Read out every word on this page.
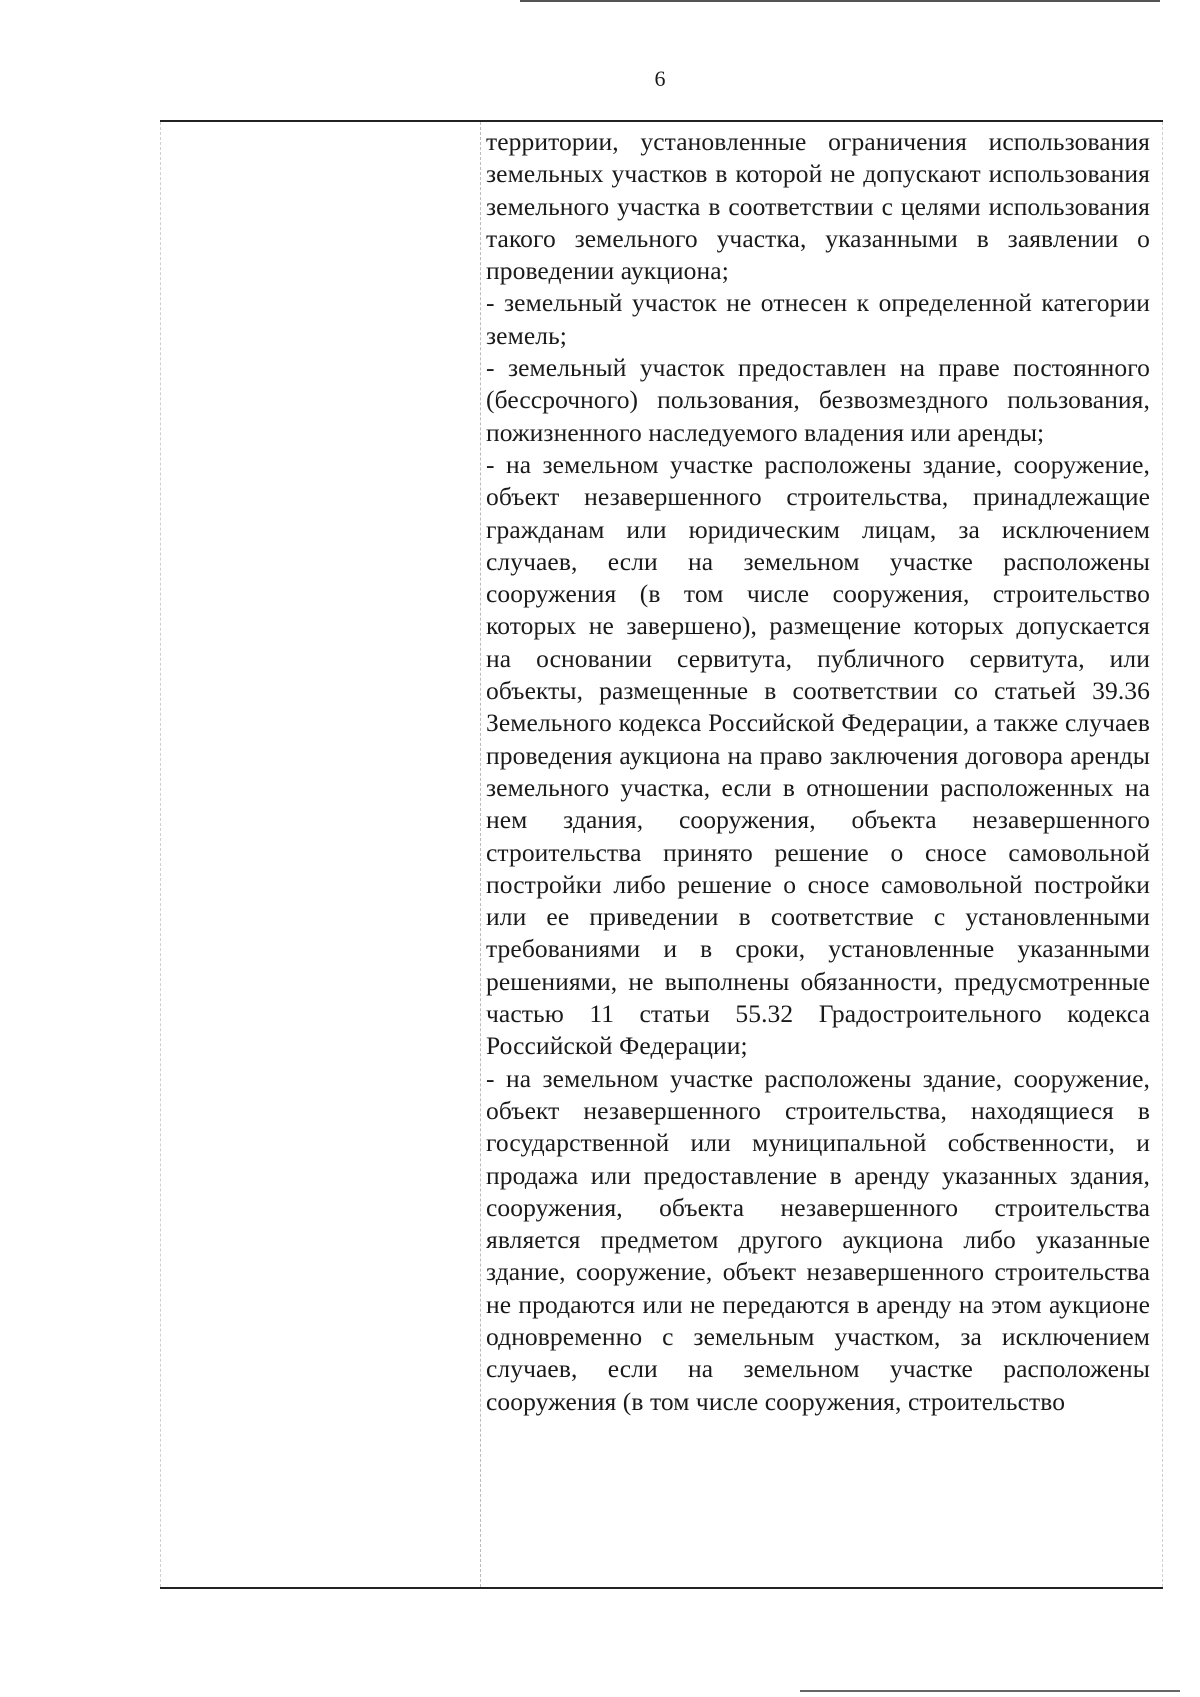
6

территории, установленные ограничения использования земельных участков в которой не допускают использования земельного участка в соответствии с целями использования такого земельного участка, указанными в заявлении о проведении аукциона;

- земельный участок не отнесен к определенной категории земель;

- земельный участок предоставлен на праве постоянного (бессрочного) пользования, безвозмездного пользования, пожизненного наследуемого владения или аренды;

- на земельном участке расположены здание, сооружение, объект незавершенного строительства, принадлежащие гражданам или юридическим лицам, за исключением случаев, если на земельном участке расположены сооружения (в том числе сооружения, строительство которых не завершено), размещение которых допускается на основании сервитута, публичного сервитута, или объекты, размещенные в соответствии со статьей 39.36 Земельного кодекса Российской Федерации, а также случаев проведения аукциона на право заключения договора аренды земельного участка, если в отношении расположенных на нем здания, сооружения, объекта незавершенного строительства принято решение о сносе самовольной постройки либо решение о сносе самовольной постройки или ее приведении в соответствие с установленными требованиями и в сроки, установленные указанными решениями, не выполнены обязанности, предусмотренные частью 11 статьи 55.32 Градостроительного кодекса Российской Федерации;

- на земельном участке расположены здание, сооружение, объект незавершенного строительства, находящиеся в государственной или муниципальной собственности, и продажа или предоставление в аренду указанных здания, сооружения, объекта незавершенного строительства является предметом другого аукциона либо указанные здание, сооружение, объект незавершенного строительства не продаются или не передаются в аренду на этом аукционе одновременно с земельным участком, за исключением случаев, если на земельном участке расположены сооружения (в том числе сооружения, строительство
